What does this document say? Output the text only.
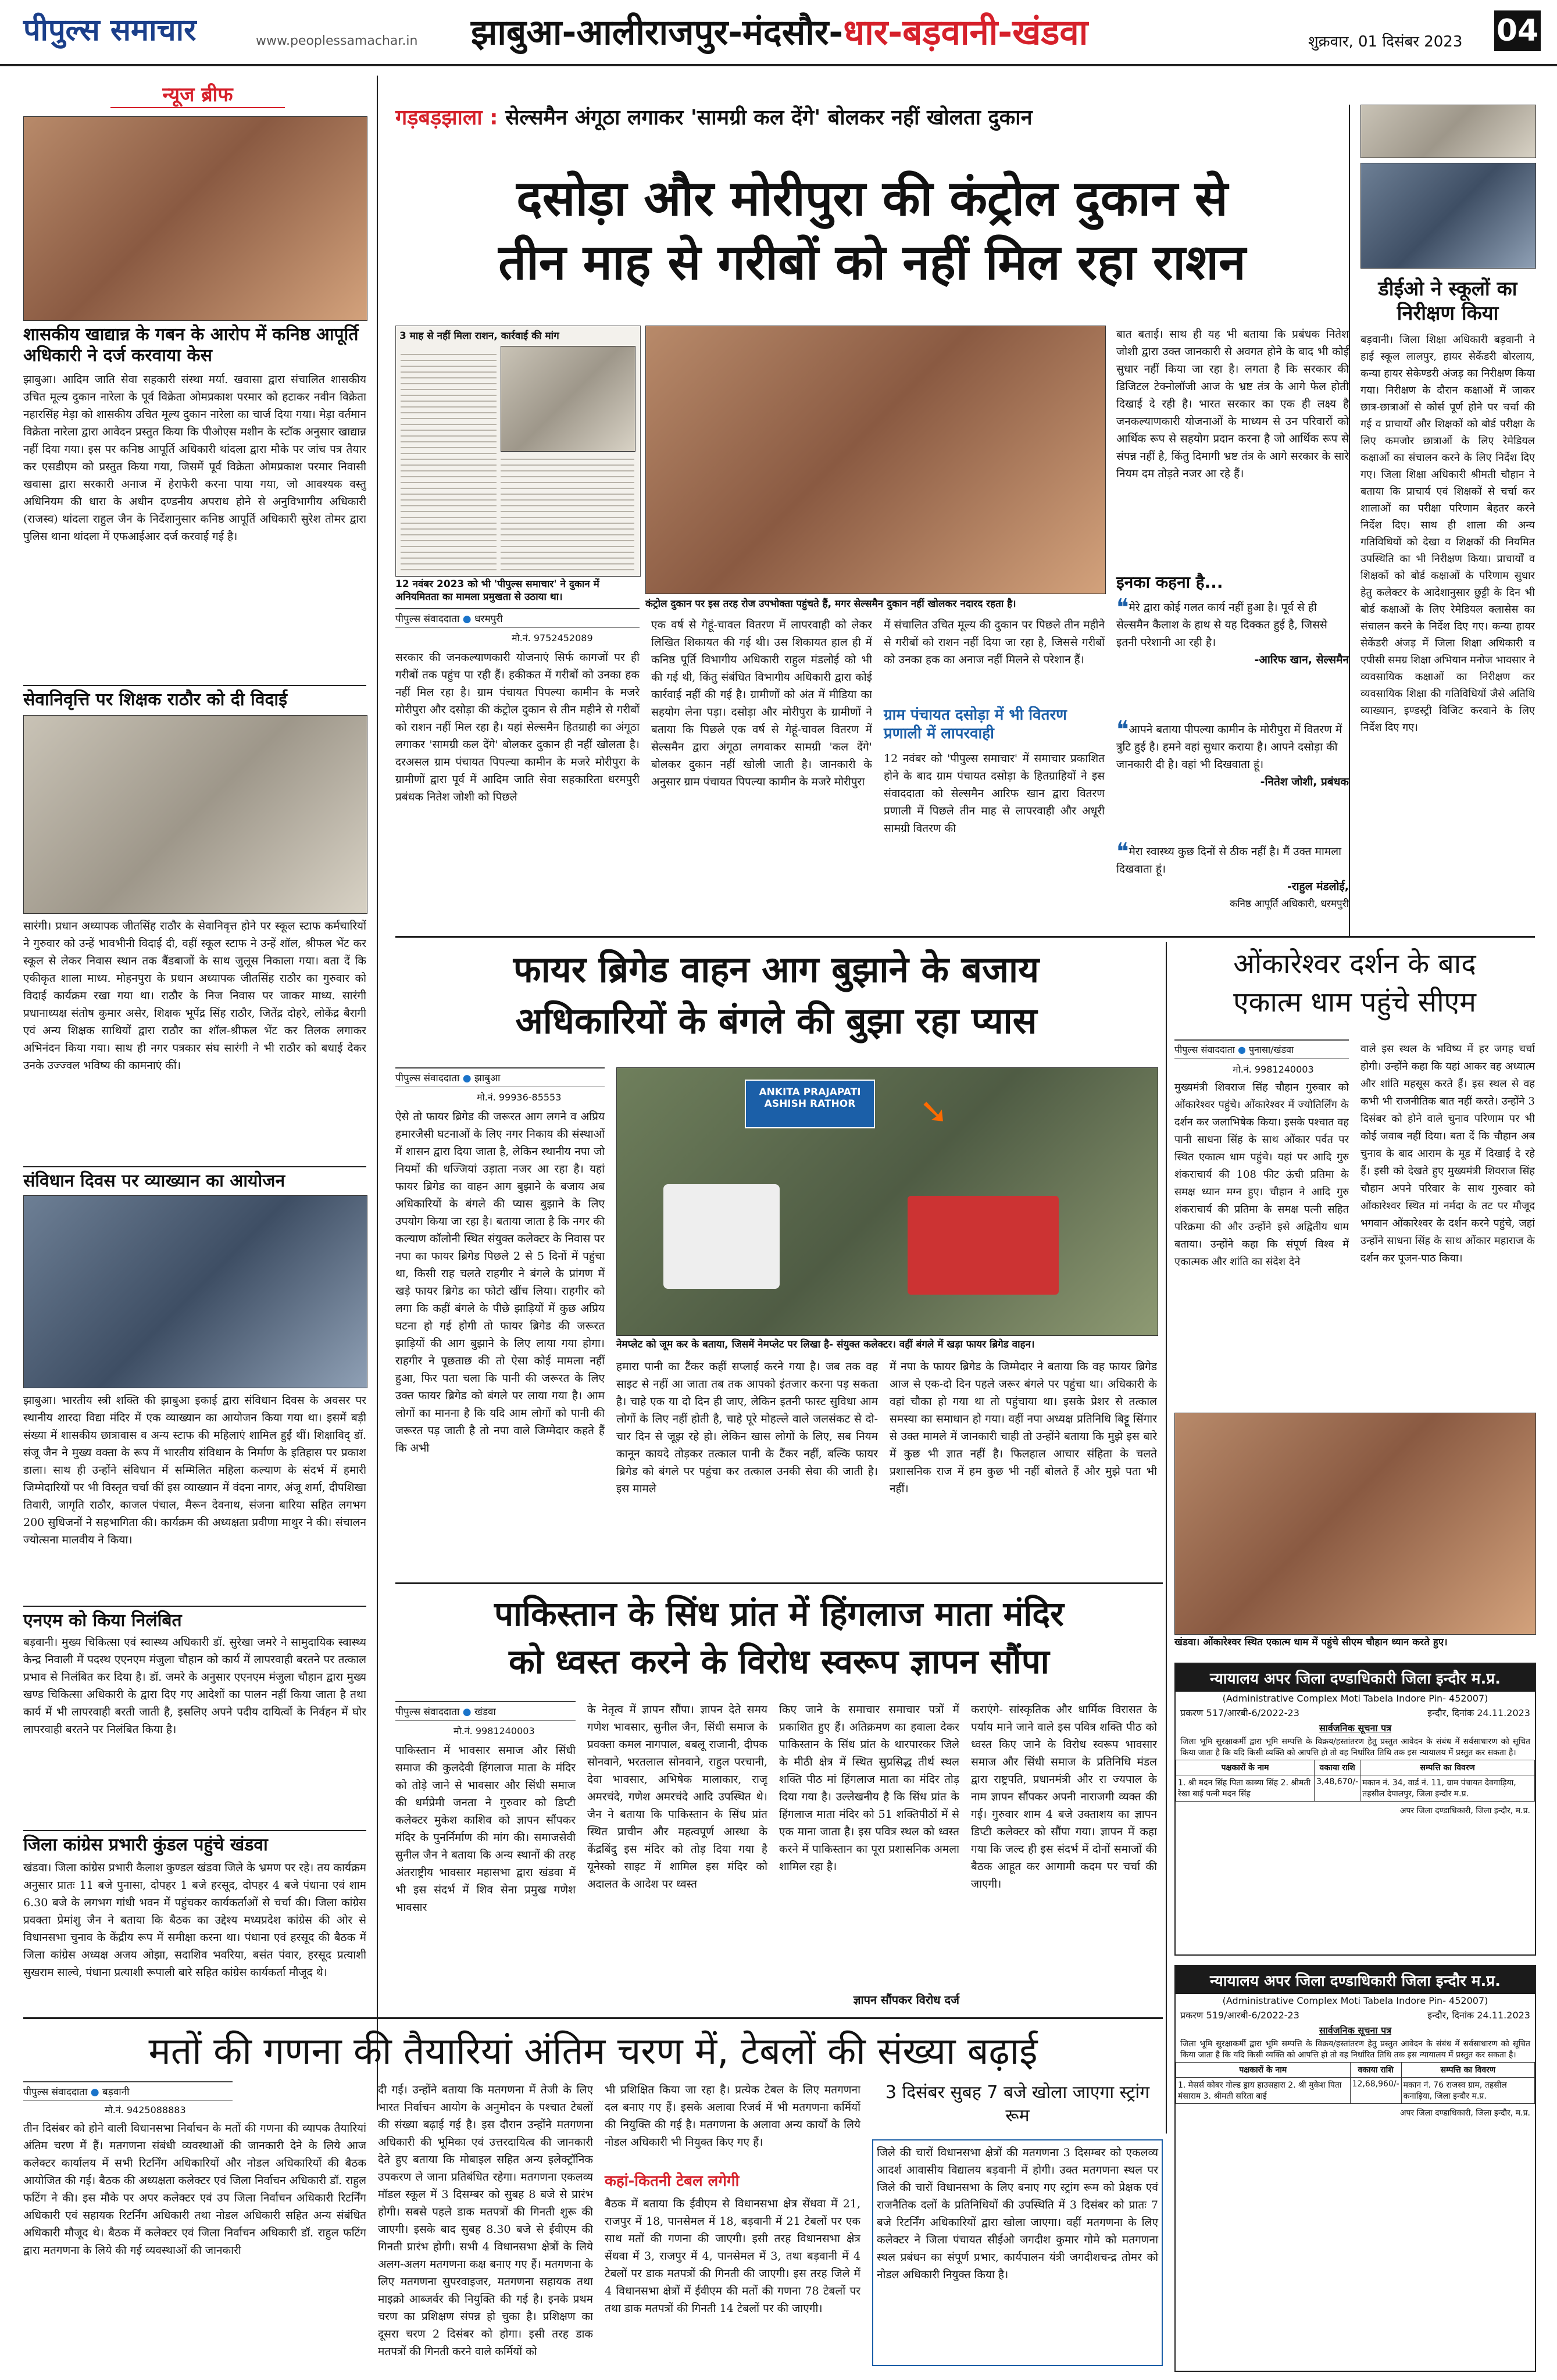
पीपुल्स समाचार	www.peoplessamachar.in झाबुआ-आलीराजपुर-मंदसौर-धार-बड़वानी-खंडवा	शुक्रवार, 01 दिसंबर 2023 04
न्यूज ब्रीफ
शासकीय खाद्यान्न के गबन के आरोप में कनिष्ठ आपूर्ति अधिकारी ने दर्ज करवाया केस
झाबुआ। आदिम जाति सेवा सहकारी संस्था मर्या. खवासा द्वारा संचालित शासकीय उचित मूल्य दुकान नारेला के पूर्व विक्रेता ओमप्रकाश परमार को हटाकर नवीन विक्रेता नहारसिंह मेड़ा को शासकीय उचित मूल्य दुकान नारेला का चार्ज दिया गया। मेड़ा वर्तमान विक्रेता नारेला द्वारा आवेदन प्रस्तुत किया कि पीओएस मशीन के स्टॉक अनुसार खाद्यान्न नहीं दिया गया। इस पर कनिष्ठ आपूर्ति अधिकारी थांदला द्वारा मौके पर जांच पत्र तैयार कर एसडीएम को प्रस्तुत किया गया, जिसमें पूर्व विक्रेता ओमप्रकाश परमार निवासी खवासा द्वारा सरकारी अनाज में हेराफेरी करना पाया गया, जो आवश्यक वस्तु अधिनियम की धारा के अधीन दण्डनीय अपराध होने से अनुविभागीय अधिकारी (राजस्व) थांदला राहुल जैन के निर्देशानुसार कनिष्ठ आपूर्ति अधिकारी सुरेश तोमर द्वारा पुलिस थाना थांदला में एफआईआर दर्ज करवाई गई है।
सेवानिवृत्ति पर शिक्षक राठौर को दी विदाई
सारंगी। प्रधान अध्यापक जीतसिंह राठौर के सेवानिवृत्त होने पर स्कूल स्टाफ कर्मचारियों ने गुरुवार को उन्हें भावभीनी विदाई दी, वहीं स्कूल स्टाफ ने उन्हें शॉल, श्रीफल भेंट कर स्कूल से लेकर निवास स्थान तक बैंडबाजों के साथ जुलूस निकाला गया। बता दें कि एकीकृत शाला माध्य. मोहनपुरा के प्रधान अध्यापक जीतसिंह राठौर का गुरुवार को विदाई कार्यक्रम रखा गया था। राठौर के निज निवास पर जाकर माध्य. सारंगी प्रधानाध्यक्ष संतोष कुमार असेर, शिक्षक भूपेंद्र सिंह राठौर, जितेंद्र दोहरे, लोकेंद्र बैरागी एवं अन्य शिक्षक साथियों द्वारा राठौर का शॉल-श्रीफल भेंट कर तिलक लगाकर अभिनंदन किया गया। साथ ही नगर पत्रकार संघ सारंगी ने भी राठौर को बधाई देकर उनके उज्ज्वल भविष्य की कामनाएं कीं।
संविधान दिवस पर व्याख्यान का आयोजन
झाबुआ। भारतीय स्त्री शक्ति की झाबुआ इकाई द्वारा संविधान दिवस के अवसर पर स्थानीय शारदा विद्या मंदिर में एक व्याख्यान का आयोजन किया गया था। इसमें बड़ी संख्या में शासकीय छात्रावास व अन्य स्टाफ की महिलाएं शामिल हुईं थीं। शिक्षाविद् डॉ. संजू जैन ने मुख्य वक्ता के रूप में भारतीय संविधान के निर्माण के इतिहास पर प्रकाश डाला। साथ ही उन्होंने संविधान में सम्मिलित महिला कल्याण के संदर्भ में हमारी जिम्मेदारियों पर भी विस्तृत चर्चा कीं इस व्याख्यान में वंदना नागर, अंजू शर्मा, दीपशिखा तिवारी, जागृति राठौर, काजल पंचाल, मैरून देवनाथ, संजना बारिया सहित लगभग 200 सुधिजनों ने सहभागिता की। कार्यक्रम की अध्यक्षता प्रवीणा माथुर ने की। संचालन ज्योत्सना मालवीय ने किया।
एनएम को किया निलंबित
बड़वानी। मुख्य चिकित्सा एवं स्वास्थ्य अधिकारी डॉ. सुरेखा जमरे ने सामुदायिक स्वास्थ्य केन्द्र निवाली में पदस्थ एएनएम मंजुला चौहान को कार्य में लापरवाही बरतने पर तत्काल प्रभाव से निलंबित कर दिया है। डॉ. जमरे के अनुसार एएनएम मंजुला चौहान द्वारा मुख्य खण्ड चिकित्सा अधिकारी के द्वारा दिए गए आदेशों का पालन नहीं किया जाता है तथा कार्य में भी लापरवाही बरती जाती है, इसलिए अपने पदीय दायित्वों के निर्वहन में घोर लापरवाही बरतने पर निलंबित किया है।
जिला कांग्रेस प्रभारी कुंडल पहुंचे खंडवा
खंडवा। जिला कांग्रेस प्रभारी कैलाश कुण्डल खंडवा जिले के भ्रमण पर रहे। तय कार्यक्रम अनुसार प्रातः 11 बजे पुनासा, दोपहर 1 बजे हरसूद, दोपहर 4 बजे पंधाना एवं शाम 6.30 बजे के लगभग गांधी भवन में पहुंचकर कार्यकर्ताओं से चर्चा की। जिला कांग्रेस प्रवक्ता प्रेमांशु जैन ने बताया कि बैठक का उद्देश्य मध्यप्रदेश कांग्रेस की ओर से विधानसभा चुनाव के केंद्रीय रूप में समीक्षा करना था। पंधाना एवं हरसूद की बैठक में जिला कांग्रेस अध्यक्ष अजय ओझा, सदाशिव भवरिया, बसंत पंवार, हरसूद प्रत्याशी सुखराम साल्वे, पंधाना प्रत्याशी रूपाली बारे सहित कांग्रेस कार्यकर्ता मौजूद थे।
गड़बड़झाला : सेल्समैन अंगूठा लगाकर 'सामग्री कल देंगे' बोलकर नहीं खोलता दुकान
दसोड़ा और मोरीपुरा की कंट्रोल दुकान से
तीन माह से गरीबों को नहीं मिल रहा राशन
3 माह से नहीं मिला राशन, कार्रवाई की मांग
12 नवंबर 2023 को भी 'पीपुल्स समाचार' ने दुकान में अनियमितता का मामला प्रमुखता से उठाया था।
पीपुल्स संवाददाता ● धरमपुरी
मो.नं. 9752452089
कंट्रोल दुकान पर इस तरह रोज उपभोक्ता पहुंचते हैं, मगर सेल्समैन दुकान नहीं खोलकर नदारद रहता है।
सरकार की जनकल्याणकारी योजनाएं सिर्फ कागजों पर ही गरीबों तक पहुंच पा रही हैं। हकीकत में गरीबों को उनका हक नहीं मिल रहा है। ग्राम पंचायत पिपल्या कामीन के मजरे मोरीपुरा और दसोड़ा की कंट्रोल दुकान से तीन महीने से गरीबों को राशन नहीं मिल रहा है। यहां सेल्समैन हितग्राही का अंगूठा लगाकर 'सामग्री कल देंगे' बोलकर दुकान ही नहीं खोलता है। दरअसल ग्राम पंचायत पिपल्या कामीन के मजरे मोरीपुरा के ग्रामीणों द्वारा पूर्व में आदिम जाति सेवा सहकारिता धरमपुरी प्रबंधक नितेश जोशी को पिछले
एक वर्ष से गेहूं-चावल वितरण में लापरवाही को लेकर लिखित शिकायत की गई थी। उस शिकायत हाल ही में कनिष्ठ पूर्ति विभागीय अधिकारी राहुल मंडलोई को भी की गई थी, किंतु संबंधित विभागीय अधिकारी द्वारा कोई कार्रवाई नहीं की गई है। ग्रामीणों को अंत में मीडिया का सहयोग लेना पड़ा। दसोड़ा और मोरीपुरा के ग्रामीणों ने बताया कि पिछले एक वर्ष से गेहूं-चावल वितरण में सेल्समैन द्वारा अंगूठा लगवाकर सामग्री 'कल देंगे' बोलकर दुकान नहीं खोली जाती है। जानकारी के अनुसार ग्राम पंचायत पिपल्या कामीन के मजरे मोरीपुरा
में संचालित उचित मूल्य की दुकान पर पिछले तीन महीने से गरीबों को राशन नहीं दिया जा रहा है, जिससे गरीबों को उनका हक का अनाज नहीं मिलने से परेशान हैं।
ग्राम पंचायत दसोड़ा में भी वितरण प्रणाली में लापरवाही
12 नवंबर को 'पीपुल्स समाचार' में समाचार प्रकाशित होने के बाद ग्राम पंचायत दसोड़ा के हितग्राहियों ने इस संवाददाता को सेल्समैन आरिफ खान द्वारा वितरण प्रणाली में पिछले तीन माह से लापरवाही और अधूरी सामग्री वितरण की
बात बताई। साथ ही यह भी बताया कि प्रबंधक नितेश जोशी द्वारा उक्त जानकारी से अवगत होने के बाद भी कोई सुधार नहीं किया जा रहा है। लगता है कि सरकार की डिजिटल टेक्नोलॉजी आज के भ्रष्ट तंत्र के आगे फेल होती दिखाई दे रही है। भारत सरकार का एक ही लक्ष्य है जनकल्याणकारी योजनाओं के माध्यम से उन परिवारों को आर्थिक रूप से सहयोग प्रदान करना है जो आर्थिक रूप से संपन्न नहीं है, किंतु दिमागी भ्रष्ट तंत्र के आगे सरकार के सारे नियम दम तोड़ते नजर आ रहे हैं।
इनका कहना है...
❝ मेरे द्वारा कोई गलत कार्य नहीं हुआ है। पूर्व से ही सेल्समैन कैलाश के हाथ से यह दिक्कत हुई है, जिससे इतनी परेशानी आ रही है।
-आरिफ खान, सेल्समैन
❝ आपने बताया पीपल्या कामीन के मोरीपुरा में वितरण में त्रुटि हुई है। हमने वहां सुधार कराया है। आपने दसोड़ा की जानकारी दी है। वहां भी दिखवाता हूं।
-नितेश जोशी, प्रबंधक
❝ मेरा स्वास्थ्य कुछ दिनों से ठीक नहीं है। मैं उक्त मामला दिखवाता हूं।
-राहुल मंडलोई,
कनिष्ठ आपूर्ति अधिकारी, धरमपुरी
डीईओ ने स्कूलों का निरीक्षण किया
बड़वानी। जिला शिक्षा अधिकारी बड़वानी ने हाई स्कूल लालपुर, हायर सेकेंडरी बोरलाय, कन्या हायर सेकेण्डरी अंजड़ का निरीक्षण किया गया। निरीक्षण के दौरान कक्षाओं में जाकर छात्र-छात्राओं से कोर्स पूर्ण होने पर चर्चा की गई व प्राचार्यों और शिक्षकों को बोर्ड परीक्षा के लिए कमजोर छात्राओं के लिए रेमेडियल कक्षाओं का संचालन करने के लिए निर्देश दिए गए। जिला शिक्षा अधिकारी श्रीमती चौहान ने बताया कि प्राचार्य एवं शिक्षकों से चर्चा कर शालाओं का परीक्षा परिणाम बेहतर करने निर्देश दिए। साथ ही शाला की अन्य गतिविधियों को देखा व शिक्षकों की नियमित उपस्थिति का भी निरीक्षण किया। प्राचार्यों व शिक्षकों को बोर्ड कक्षाओं के परिणाम सुधार हेतु कलेक्टर के आदेशानुसार छुट्टी के दिन भी बोर्ड कक्षाओं के लिए रेमेडियल क्लासेस का संचालन करने के निर्देश दिए गए। कन्या हायर सेकेंडरी अंजड़ में जिला शिक्षा अधिकारी व एपीसी समग्र शिक्षा अभियान मनोज भावसार ने व्यवसायिक कक्षाओं का निरीक्षण कर व्यवसायिक शिक्षा की गतिविधियों जैसे अतिथि व्याख्यान, इण्डस्ट्री विजिट करवाने के लिए निर्देश दिए गए।
फायर ब्रिगेड वाहन आग बुझाने के बजाय
अधिकारियों के बंगले की बुझा रहा प्यास
पीपुल्स संवाददाता ● झाबुआ
मो.नं. 99936-85553
ऐसे तो फायर ब्रिगेड की जरूरत आग लगने व अप्रिय हमारजैसी घटनाओं के लिए नगर निकाय की संस्थाओं में शासन द्वारा दिया जाता है, लेकिन स्थानीय नपा जो नियमों की धज्जियां उड़ाता नजर आ रहा है। यहां फायर ब्रिगेड का वाहन आग बुझाने के बजाय अब अधिकारियों के बंगले की प्यास बुझाने के लिए उपयोग किया जा रहा है। बताया जाता है कि नगर की कल्याण कॉलोनी स्थित संयुक्त कलेक्टर के निवास पर नपा का फायर ब्रिगेड पिछले 2 से 5 दिनों में पहुंचा था, किसी राह चलते राहगीर ने बंगले के प्रांगण में खड़े फायर ब्रिगेड का फोटो खींच लिया। राहगीर को लगा कि कहीं बंगले के पीछे झाड़ियों में कुछ अप्रिय घटना हो गई होगी तो फायर ब्रिगेड की जरूरत झाड़ियों की आग बुझाने के लिए लाया गया होगा। राहगीर ने पूछताछ की तो ऐसा कोई मामला नहीं हुआ, फिर पता चला कि पानी की जरूरत के लिए उक्त फायर ब्रिगेड को बंगले पर लाया गया है। आम लोगों का मानना है कि यदि आम लोगों को पानी की जरूरत पड़ जाती है तो नपा वाले जिम्मेदार कहते हैं कि अभी
ANKITA PRAJAPATI
ASHISH RATHOR	➘
नेमप्लेट को जूम कर के बताया, जिसमें नेमप्लेट पर लिखा है- संयुक्त कलेक्टर। वहीं बंगले में खड़ा फायर ब्रिगेड वाहन।
हमारा पानी का टैंकर कहीं सप्लाई करने गया है। जब तक वह साइट से नहीं आ जाता तब तक आपको इंतजार करना पड़ सकता है। चाहे एक या दो दिन ही जाए, लेकिन इतनी फास्ट सुविधा आम लोगों के लिए नहीं होती है, चाहे पूरे मोहल्ले वाले जलसंकट से दो-चार दिन से जूझ रहे हो। लेकिन खास लोगों के लिए, सब नियम कानून कायदे तोड़कर तत्काल पानी के टैंकर नहीं, बल्कि फायर ब्रिगेड को बंगले पर पहुंचा कर तत्काल उनकी सेवा की जाती है। इस मामले
में नपा के फायर ब्रिगेड के जिम्मेदार ने बताया कि वह फायर ब्रिगेड आज से एक-दो दिन पहले जरूर बंगले पर पहुंचा था। अधिकारी के वहां चौका हो गया था तो पहुंचाया था। इसके प्रेशर से तत्काल समस्या का समाधान हो गया। वहीं नपा अध्यक्ष प्रतिनिधि बिट्टू सिंगार से उक्त मामले में जानकारी चाही तो उन्होंने बताया कि मुझे इस बारे में कुछ भी ज्ञात नहीं है। फिलहाल आचार संहिता के चलते प्रशासनिक राज में हम कुछ भी नहीं बोलते हैं और मुझे पता भी नहीं।
ओंकारेश्वर दर्शन के बाद
एकात्म धाम पहुंचे सीएम
पीपुल्स संवाददाता ● पुनासा/खंडवा
मो.नं. 9981240003
मुख्यमंत्री शिवराज सिंह चौहान गुरुवार को ओंकारेश्वर पहुंचे। ओंकारेश्वर में ज्योतिर्लिंग के दर्शन कर जलाभिषेक किया। इसके पश्चात वह पानी साधना सिंह के साथ ओंकार पर्वत पर स्थित एकात्म धाम पहुंचे। यहां पर आदि गुरु शंकराचार्य की 108 फीट ऊंची प्रतिमा के समक्ष ध्यान मग्न हुए। चौहान ने आदि गुरु शंकराचार्य की प्रतिमा के समक्ष पत्नी सहित परिक्रमा की और उन्होंने इसे अद्वितीय धाम बताया। उन्होंने कहा कि संपूर्ण विश्व में एकात्मक और शांति का संदेश देने
वाले इस स्थल के भविष्य में हर जगह चर्चा होगी। उन्होंने कहा कि यहां आकर वह अध्यात्म और शांति महसूस करते हैं। इस स्थल से वह कभी भी राजनीतिक बात नहीं करते। उन्होंने 3 दिसंबर को होने वाले चुनाव परिणाम पर भी कोई जवाब नहीं दिया। बता दें कि चौहान अब चुनाव के बाद आराम के मूड में दिखाई दे रहे हैं। इसी को देखते हुए मुख्यमंत्री शिवराज सिंह चौहान अपने परिवार के साथ गुरुवार को ओंकारेश्वर स्थित मां नर्मदा के तट पर मौजूद भगवान ओंकारेश्वर के दर्शन करने पहुंचे, जहां उन्होंने साधना सिंह के साथ ओंकार महाराज के दर्शन कर पूजन-पाठ किया।
खंडवा। ओंकारेश्वर स्थित एकात्म धाम में पहुंचे सीएम चौहान ध्यान करते हुए।
पाकिस्तान के सिंध प्रांत में हिंगलाज माता मंदिर
को ध्वस्त करने के विरोध स्वरूप ज्ञापन सौंपा
पीपुल्स संवाददाता ● खंडवा
मो.नं. 9981240003
पाकिस्तान में भावसार समाज और सिंधी समाज की कुलदेवी हिंगलाज माता के मंदिर को तोड़े जाने से भावसार और सिंधी समाज की धर्मप्रेमी जनता ने गुरुवार को डिप्टी कलेक्टर मुकेश काशिव को ज्ञापन सौंपकर मंदिर के पुनर्निर्माण की मांग की। समाजसेवी सुनील जैन ने बताया कि अन्य स्थानों की तरह अंतराष्ट्रीय भावसार महासभा द्वारा खंडवा में भी इस संदर्भ में शिव सेना प्रमुख गणेश भावसार
के नेतृत्व में ज्ञापन सौंपा। ज्ञापन देते समय गणेश भावसार, सुनील जैन, सिंधी समाज के प्रवक्ता कमल नागपाल, बबलू राजानी, दीपक सोनवाने, भरतलाल सोनवाने, राहुल परचानी, देवा भावसार, अभिषेक मालाकार, राजू अमरचंदे, गणेश अमरचंदे आदि उपस्थित थे। जैन ने बताया कि पाकिस्तान के सिंध प्रांत स्थित प्राचीन और महत्वपूर्ण आस्था के केंद्रबिंदु इस मंदिर को तोड़ दिया गया है यूनेस्को साइट में शामिल इस मंदिर को अदालत के आदेश पर ध्वस्त
किए जाने के समाचार समाचार पत्रों में प्रकाशित हुए हैं। अतिक्रमण का हवाला देकर पाकिस्तान के सिंध प्रांत के थारपारकर जिले के मीठी क्षेत्र में स्थित सुप्रसिद्ध तीर्थ स्थल शक्ति पीठ मां हिंगलाज माता का मंदिर तोड़ दिया गया है। उल्लेखनीय है कि सिंध प्रांत के हिंगलाज माता मंदिर को 51 शक्तिपीठों में से एक माना जाता है। इस पवित्र स्थल को ध्वस्त करने में पाकिस्तान का पूरा प्रशासनिक अमला शामिल रहा है।
ज्ञापन सौंपकर विरोध दर्ज
कराएंगे- सांस्कृतिक और धार्मिक विरासत के पर्याय माने जाने वाले इस पवित्र शक्ति पीठ को ध्वस्त किए जाने के विरोध स्वरूप भावसार समाज और सिंधी समाज के प्रतिनिधि मंडल द्वारा राष्ट्रपति, प्रधानमंत्री और रा ज्यपाल के नाम ज्ञापन सौंपकर अपनी नाराजगी व्यक्त की गई। गुरुवार शाम 4 बजे उक्ताशय का ज्ञापन डिप्टी कलेक्टर को सौंपा गया। ज्ञापन में कहा गया कि जल्द ही इस संदर्भ में दोनों समाजों की बैठक आहूत कर आगामी कदम पर चर्चा की जाएगी।
न्यायालय अपर जिला दण्डाधिकारी जिला इन्दौर म.प्र.
(Administrative Complex Moti Tabela Indore Pin- 452007)
प्रकरण 517/आरबी-6/2022-23	इन्दौर, दिनांक 24.11.2023
सार्वजनिक सूचना पत्र
जिला भूमि सुरक्षाकर्मी द्वारा भूमि सम्पत्ति के विक्रय/हस्तांतरण हेतु प्रस्तुत आवेदन के संबंध में सर्वसाधारण को सूचित किया जाता है कि यदि किसी व्यक्ति को आपत्ति हो तो वह निर्धारित तिथि तक इस न्यायालय में प्रस्तुत कर सकता है।
पक्षकारों के नाम	वकाया राशि	सम्पत्ति का विवरण
1. श्री मदन सिंह पिता काब्या सिंह 2. श्रीमती रेखा बाई पत्नी मदन सिंह	3,48,670/-	मकान नं. 34, वार्ड नं. 11, ग्राम पंचायत देवगाड़िया, तहसील देपालपुर, जिला इन्दौर म.प्र.
अपर जिला दण्डाधिकारी, जिला इन्दौर, म.प्र.
मतों की गणना की तैयारियां अंतिम चरण में, टेबलों की संख्या बढ़ाई
पीपुल्स संवाददाता ● बड़वानी
मो.नं. 9425088883
तीन दिसंबर को होने वाली विधानसभा निर्वाचन के मतों की गणना की व्यापक तैयारियां अंतिम चरण में हैं। मतगणना संबंधी व्यवस्थाओं की जानकारी देने के लिये आज कलेक्टर कार्यालय में सभी रिटर्निंग अधिकारियों और नोडल अधिकारियों की बैठक आयोजित की गई। बैठक की अध्यक्षता कलेक्टर एवं जिला निर्वाचन अधिकारी डॉ. राहुल फटिंग ने की। इस मौके पर अपर कलेक्टर एवं उप जिला निर्वाचन अधिकारी रिटर्निंग अधिकारी एवं सहायक रिटर्निंग अधिकारी तथा नोडल अधिकारी सहित अन्य संबंधित अधिकारी मौजूद थे। बैठक में कलेक्टर एवं जिला निर्वाचन अधिकारी डॉ. राहुल फटिंग द्वारा मतगणना के लिये की गई व्यवस्थाओं की जानकारी
दी गई। उन्होंने बताया कि मतगणना में तेजी के लिए भारत निर्वाचन आयोग के अनुमोदन के पश्चात टेबलों की संख्या बढ़ाई गई है। इस दौरान उन्होंने मतगणना अधिकारी की भूमिका एवं उत्तरदायित्व की जानकारी देते हुए बताया कि मोबाइल सहित अन्य इलेक्ट्रॉनिक उपकरण ले जाना प्रतिबंधित रहेगा। मतगणना एकलव्य मॉडल स्कूल में 3 दिसम्बर को सुबह 8 बजे से प्रारंभ होगी। सबसे पहले डाक मतपत्रों की गिनती शुरू की जाएगी। इसके बाद सुबह 8.30 बजे से ईवीएम की गिनती प्रारंभ होगी। सभी 4 विधानसभा क्षेत्रों के लिये अलग-अलग मतगणना कक्ष बनाए गए हैं। मतगणना के लिए मतगणना सुपरवाइजर, मतगणना सहायक तथा माइक्रो आब्जर्वर की नियुक्ति की गई है। इनके प्रथम चरण का प्रशिक्षण संपन्न हो चुका है। प्रशिक्षण का दूसरा चरण 2 दिसंबर को होगा। इसी तरह डाक मतपत्रों की गिनती करने वाले कर्मियों को
भी प्रशिक्षित किया जा रहा है। प्रत्येक टेबल के लिए मतगणना दल बनाए गए हैं। इसके अलावा रिजर्व में भी मतगणना कर्मियों की नियुक्ति की गई है। मतगणना के अलावा अन्य कार्यों के लिये नोडल अधिकारी भी नियुक्त किए गए हैं।
कहां-कितनी टेबल लगेगी
बैठक में बताया कि ईवीएम से विधानसभा क्षेत्र सेंधवा में 21, राजपुर में 18, पानसेमल में 18, बड़वानी में 21 टेबलों पर एक साथ मतों की गणना की जाएगी। इसी तरह विधानसभा क्षेत्र सेंधवा में 3, राजपुर में 4, पानसेमल में 3, तथा बड़वानी में 4 टेबलों पर डाक मतपत्रों की गिनती की जाएगी। इस तरह जिले में 4 विधानसभा क्षेत्रों में ईवीएम की मतों की गणना 78 टेबलों पर तथा डाक मतपत्रों की गिनती 14 टेबलों पर की जाएगी।
3 दिसंबर सुबह 7 बजे खोला जाएगा स्ट्रांग रूम
जिले की चारों विधानसभा क्षेत्रों की मतगणना 3 दिसम्बर को एकलव्य आदर्श आवासीय विद्यालय बड़वानी में होगी। उक्त मतगणना स्थल पर जिले की चारों विधानसभा के लिए बनाए गए स्ट्रांग रूम को प्रेक्षक एवं राजनैतिक दलों के प्रतिनिधियों की उपस्थिति में 3 दिसंबर को प्रातः 7 बजे रिटर्निंग अधिकारियों द्वारा खोला जाएगा। वहीं मतगणना के लिए कलेक्टर ने जिला पंचायत सीईओ जगदीश कुमार गोमे को मतगणना स्थल प्रबंधन का संपूर्ण प्रभार, कार्यपालन यंत्री जगदीशचन्द्र तोमर को नोडल अधिकारी नियुक्त किया है।
न्यायालय अपर जिला दण्डाधिकारी जिला इन्दौर म.प्र.
(Administrative Complex Moti Tabela Indore Pin- 452007)
प्रकरण 519/आरबी-6/2022-23	इन्दौर, दिनांक 24.11.2023
सार्वजनिक सूचना पत्र
जिला भूमि सुरक्षाकर्मी द्वारा भूमि सम्पत्ति के विक्रय/हस्तांतरण हेतु प्रस्तुत आवेदन के संबंध में सर्वसाधारण को सूचित किया जाता है कि यदि किसी व्यक्ति को आपत्ति हो तो वह निर्धारित तिथि तक इस न्यायालय में प्रस्तुत कर सकता है।
पक्षकारों के नाम	वकाया राशि	सम्पत्ति का विवरण
1. मेसर्स कोबर गोल्ड ड्राय हाउसहारा 2. श्री मुकेश पिता मंसाराम 3. श्रीमती सरिता बाई	12,68,960/-	मकान नं. 76 राजस्व ग्राम, तहसील कनाड़िया, जिला इन्दौर म.प्र.
अपर जिला दण्डाधिकारी, जिला इन्दौर, म.प्र.
